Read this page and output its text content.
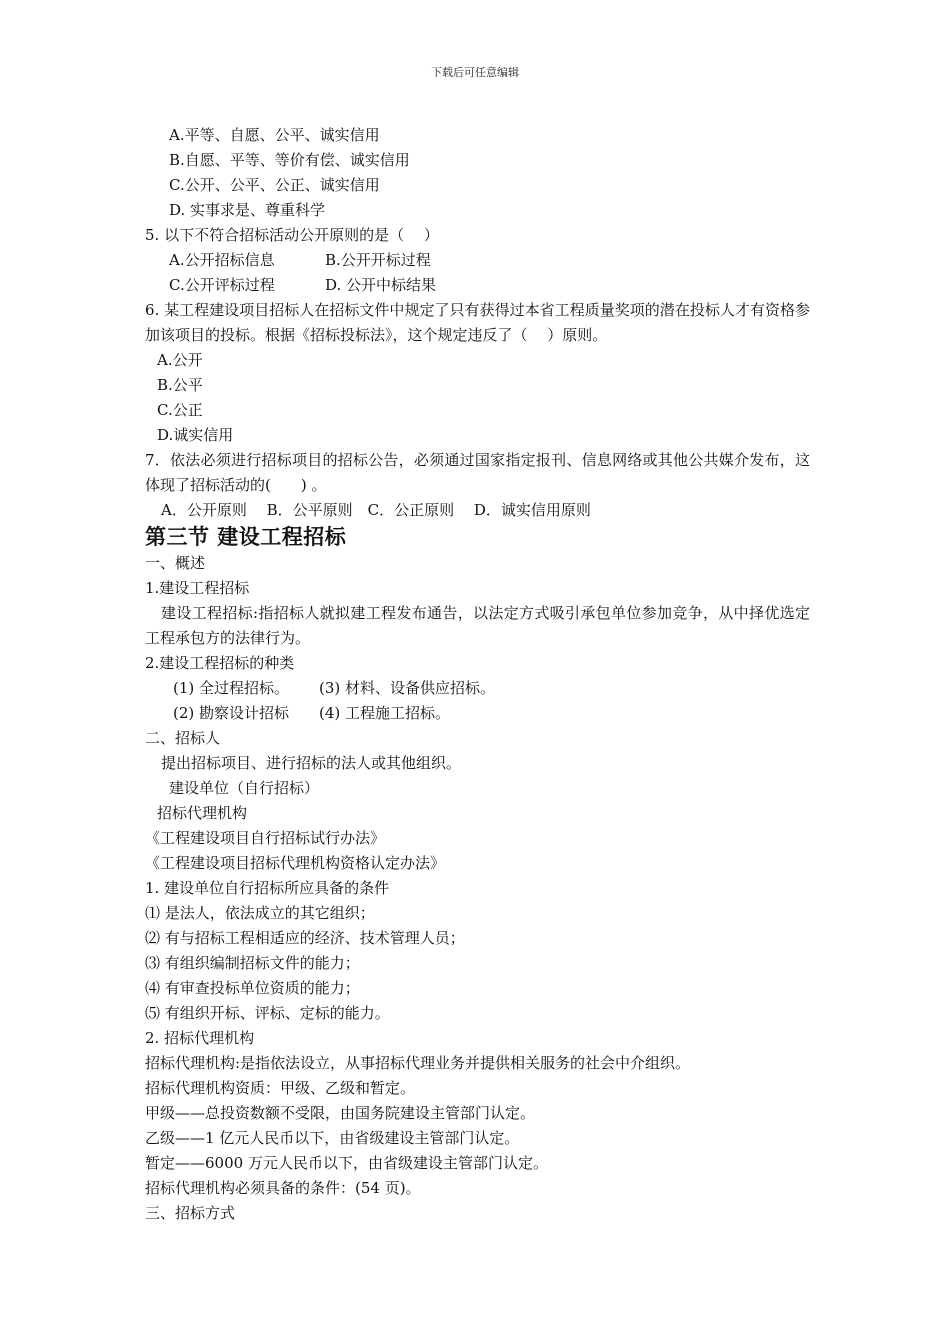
下载后可任意编辑
A.平等、自愿、公平、诚实信用
B.自愿、平等、等价有偿、诚实信用
C.公开、公平、公正、诚实信用
D. 实事求是、尊重科学
5. 以下不符合招标活动公开原则的是（　 ）
A.公开招标信息	B.公开开标过程
C.公开评标过程	D. 公开中标结果
6. 某工程建设项目招标人在招标文件中规定了只有获得过本省工程质量奖项的潜在投标人才有资格参加该项目的投标。根据《招标投标法》，这个规定违反了（　 ）原则。
A.公开
B.公平
C.公正
D.诚实信用
7．依法必须进行招标项目的招标公告，必须通过国家指定报刊、信息网络或其他公共媒介发布，这体现了招标活动的(　　) 。
A．公开原则　 B．公平原则　C．公正原则　 D．诚实信用原则
第三节 建设工程招标
一、概述
1.建设工程招标
建设工程招标:指招标人就拟建工程发布通告，以法定方式吸引承包单位参加竞争，从中择优选定工程承包方的法律行为。
2.建设工程招标的种类
(1) 全过程招标。	(3) 材料、设备供应招标。
(2) 勘察设计招标	(4) 工程施工招标。
二、招标人
提出招标项目、进行招标的法人或其他组织。
建设单位（自行招标）
招标代理机构
《工程建设项目自行招标试行办法》
《工程建设项目招标代理机构资格认定办法》
1. 建设单位自行招标所应具备的条件
⑴ 是法人，依法成立的其它组织；
⑵ 有与招标工程相适应的经济、技术管理人员；
⑶ 有组织编制招标文件的能力；
⑷ 有审查投标单位资质的能力；
⑸ 有组织开标、评标、定标的能力。
2. 招标代理机构
招标代理机构:是指依法设立，从事招标代理业务并提供相关服务的社会中介组织。
招标代理机构资质：甲级、乙级和暂定。
甲级——总投资数额不受限，由国务院建设主管部门认定。
乙级——1 亿元人民币以下，由省级建设主管部门认定。
暂定——6000 万元人民币以下，由省级建设主管部门认定。
招标代理机构必须具备的条件：(54 页)。
三、招标方式
